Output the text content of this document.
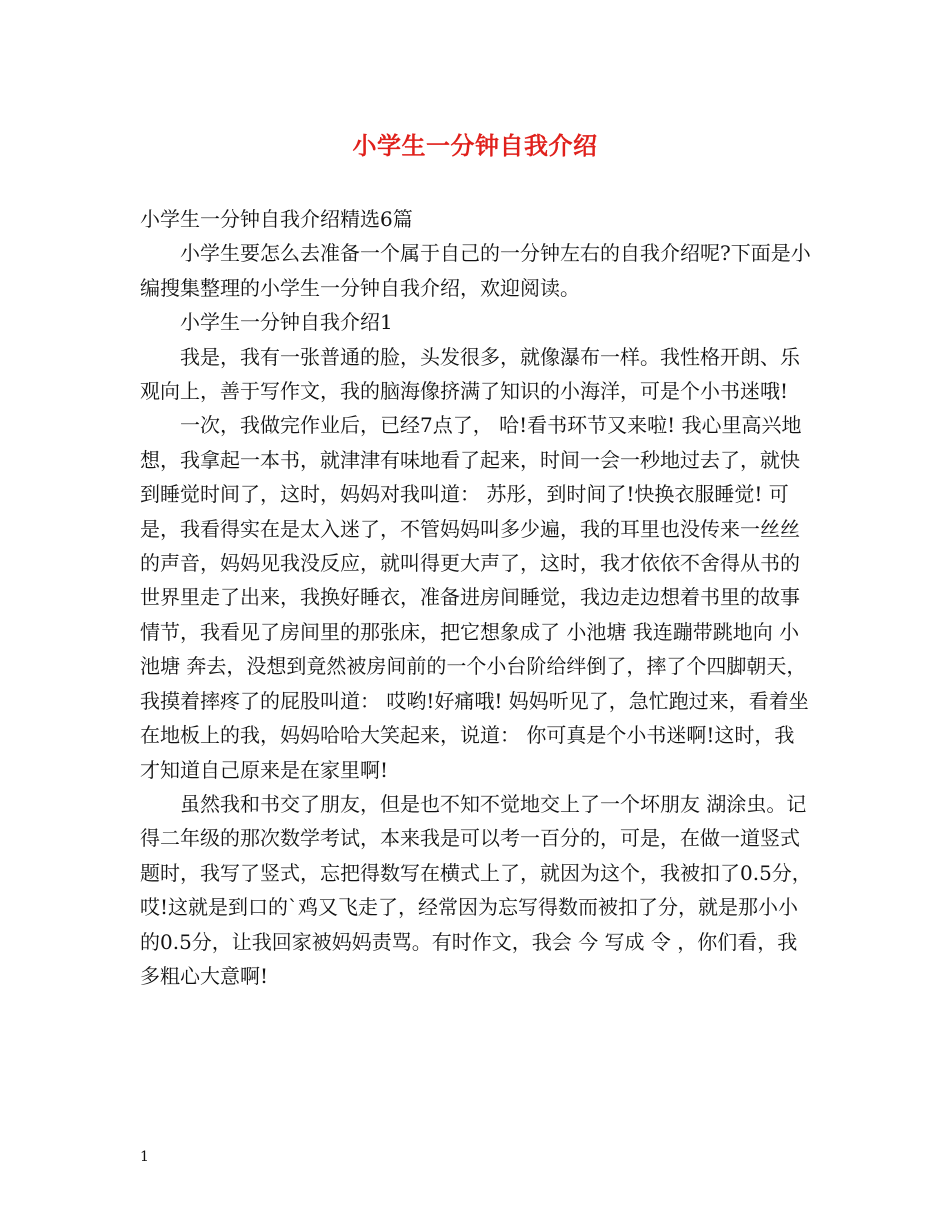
小学生一分钟自我介绍

小学生一分钟自我介绍精选6篇

小学生要怎么去准备一个属于自己的一分钟左右的自我介绍呢?下面是小编搜集整理的小学生一分钟自我介绍，欢迎阅读。

小学生一分钟自我介绍1

我是，我有一张普通的脸，头发很多，就像瀑布一样。我性格开朗、乐观向上，善于写作文，我的脑海像挤满了知识的小海洋，可是个小书迷哦!

一次，我做完作业后，已经7点了， 哈!看书环节又来啦! 我心里高兴地想，我拿起一本书，就津津有味地看了起来，时间一会一秒地过去了，就快到睡觉时间了，这时，妈妈对我叫道： 苏彤，到时间了!快换衣服睡觉! 可是，我看得实在是太入迷了，不管妈妈叫多少遍，我的耳里也没传来一丝丝的声音，妈妈见我没反应，就叫得更大声了，这时，我才依依不舍得从书的世界里走了出来，我换好睡衣，准备进房间睡觉，我边走边想着书里的故事情节，我看见了房间里的那张床，把它想象成了 小池塘 我连蹦带跳地向 小池塘 奔去，没想到竟然被房间前的一个小台阶给绊倒了，摔了个四脚朝天，我摸着摔疼了的屁股叫道： 哎哟!好痛哦! 妈妈听见了，急忙跑过来，看着坐在地板上的我，妈妈哈哈大笑起来，说道： 你可真是个小书迷啊!这时，我才知道自己原来是在家里啊!

虽然我和书交了朋友，但是也不知不觉地交上了一个坏朋友 湖涂虫。记得二年级的那次数学考试，本来我是可以考一百分的，可是，在做一道竖式题时，我写了竖式，忘把得数写在横式上了，就因为这个，我被扣了0.5分，哎!这就是到口的`鸡又飞走了，经常因为忘写得数而被扣了分，就是那小小的0.5分，让我回家被妈妈责骂。有时作文，我会 今 写成 令 ，你们看，我多粗心大意啊!

1
